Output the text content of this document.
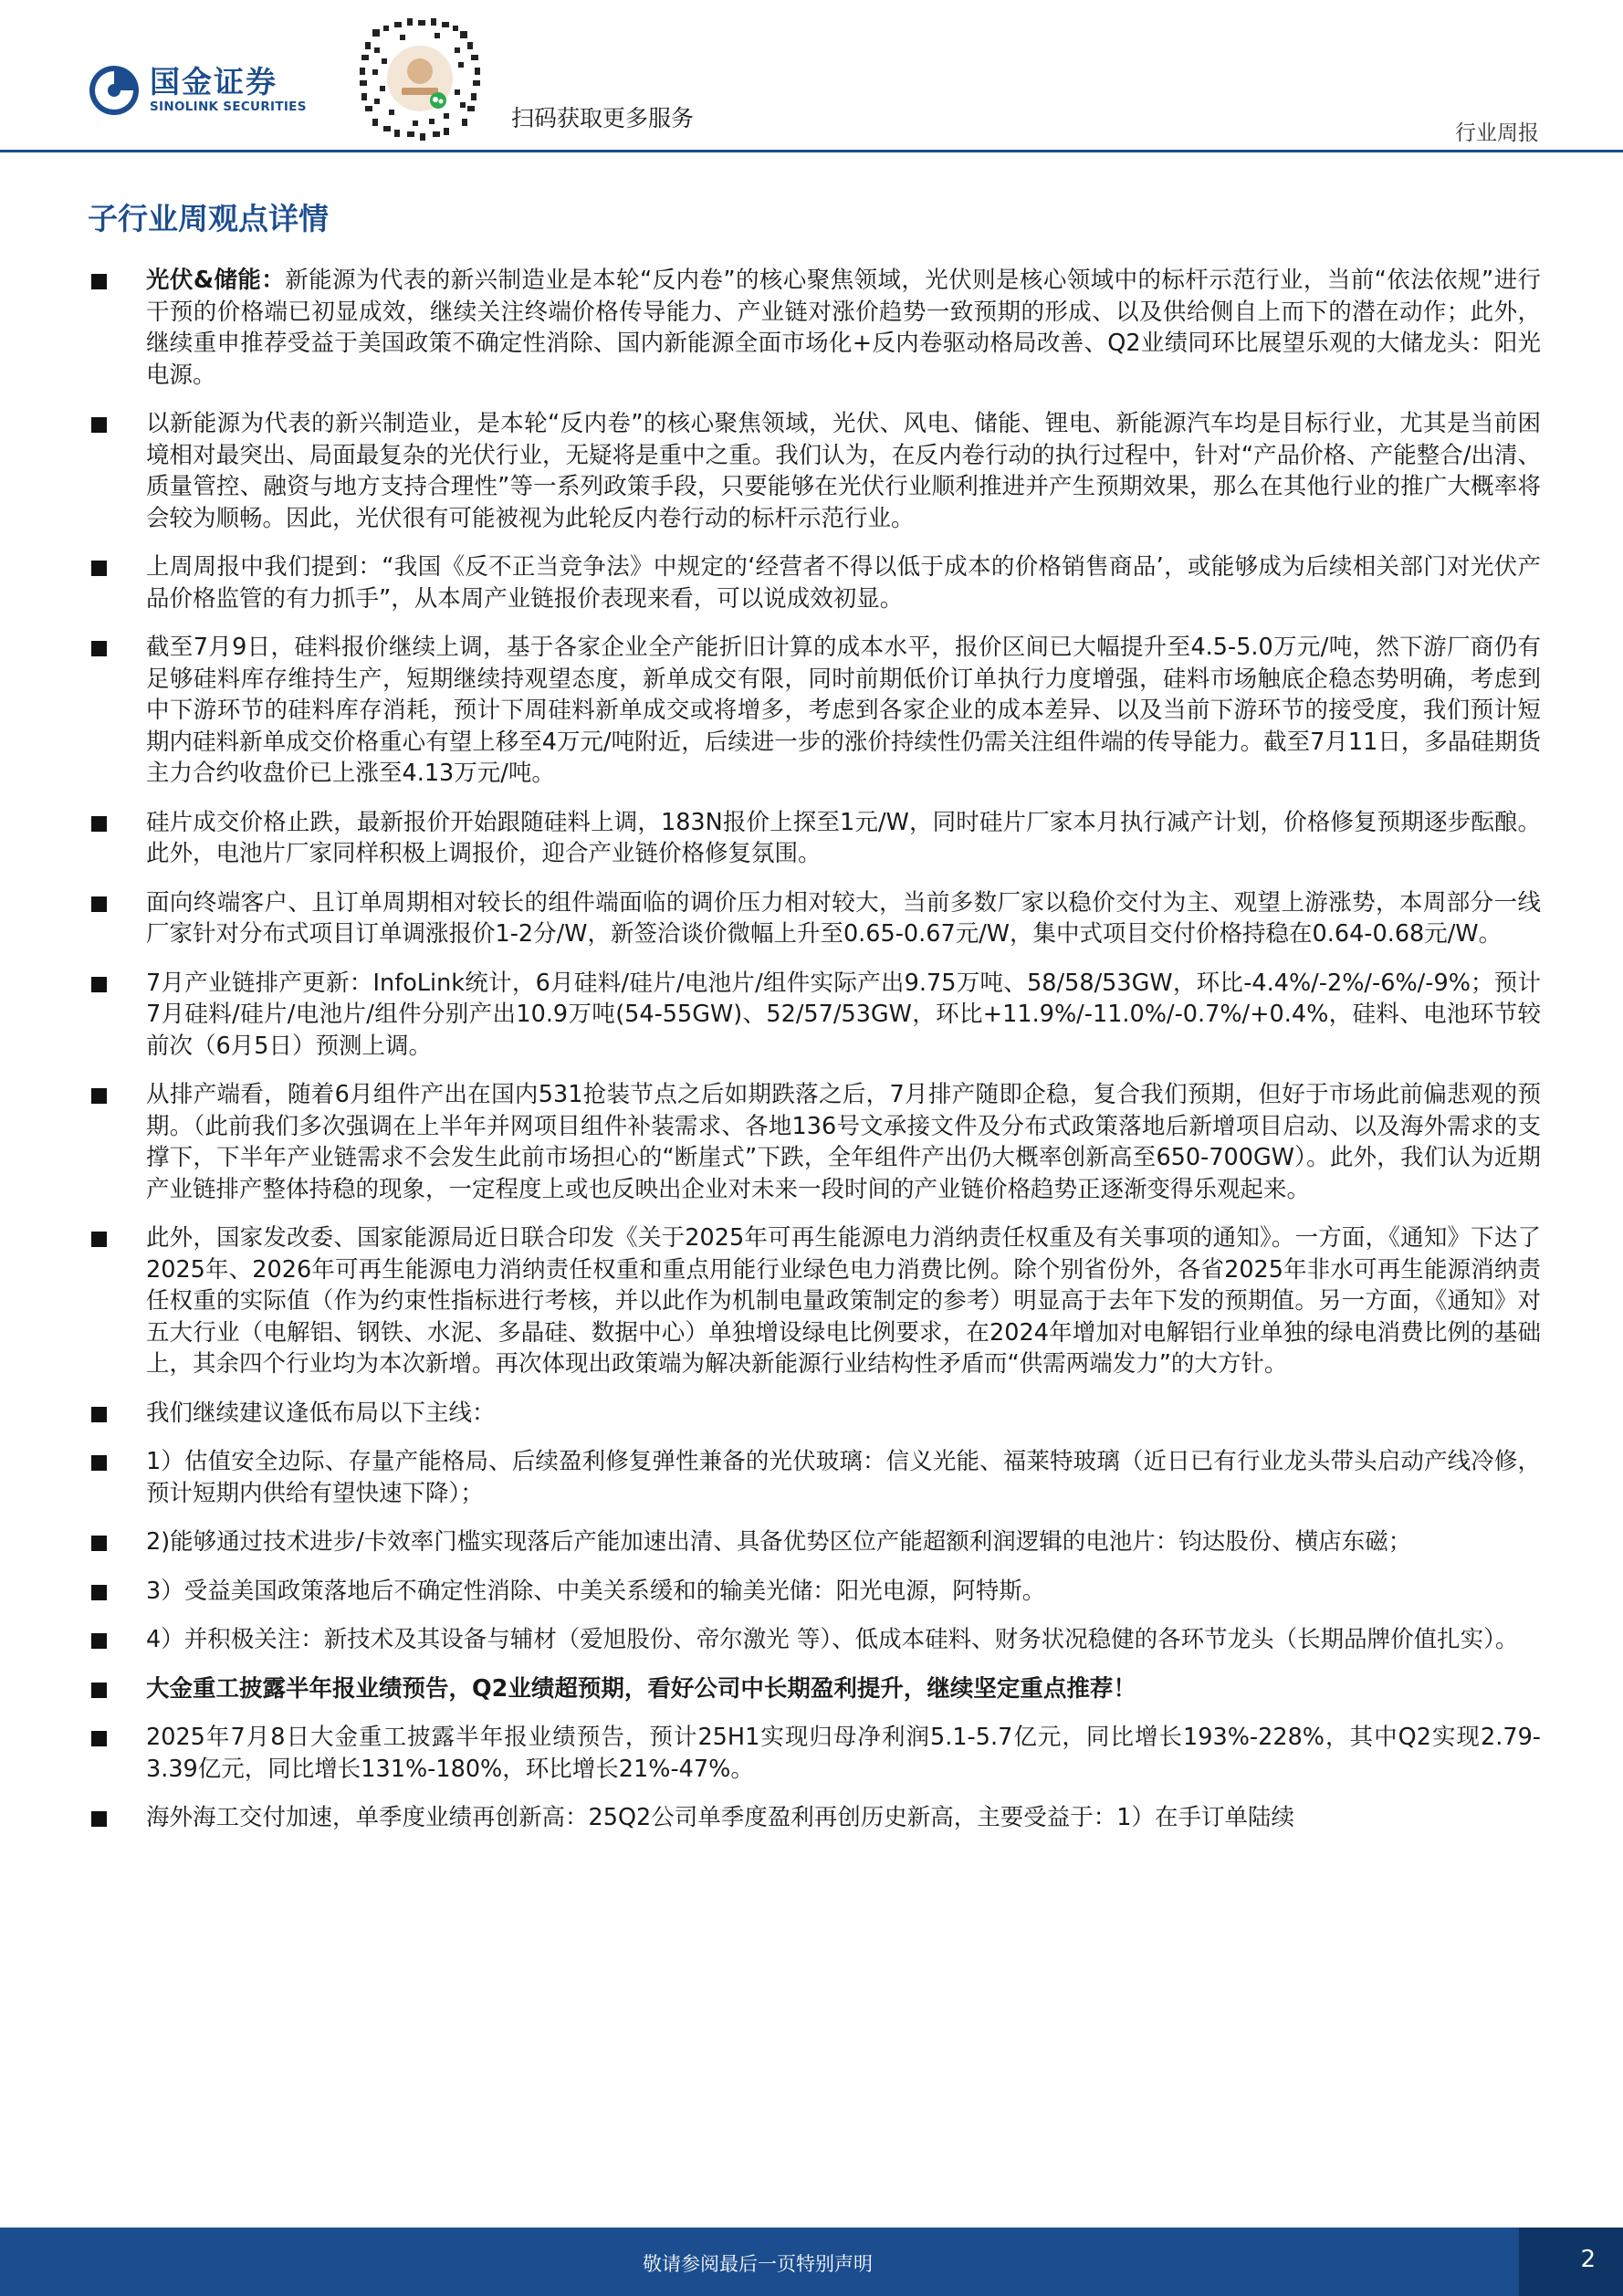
国金证券
SINOLINK SECURITIES	扫码获取更多服务
行业周报
子行业周观点详情
光伏&储能：新能源为代表的新兴制造业是本轮“反内卷”的核心聚焦领域，光伏则是核心领域中的标杆示范行业，当前“依法依规”进行干预的价格端已初显成效，继续关注终端价格传导能力、产业链对涨价趋势一致预期的形成、以及供给侧自上而下的潜在动作；此外，继续重申推荐受益于美国政策不确定性消除、国内新能源全面市场化+反内卷驱动格局改善、Q2业绩同环比展望乐观的大储龙头：阳光电源。
以新能源为代表的新兴制造业，是本轮“反内卷”的核心聚焦领域，光伏、风电、储能、锂电、新能源汽车均是目标行业，尤其是当前困境相对最突出、局面最复杂的光伏行业，无疑将是重中之重。我们认为，在反内卷行动的执行过程中，针对“产品价格、产能整合/出清、质量管控、融资与地方支持合理性”等一系列政策手段，只要能够在光伏行业顺利推进并产生预期效果，那么在其他行业的推广大概率将会较为顺畅。因此，光伏很有可能被视为此轮反内卷行动的标杆示范行业。
上周周报中我们提到：“我国《反不正当竞争法》中规定的‘经营者不得以低于成本的价格销售商品’，或能够成为后续相关部门对光伏产品价格监管的有力抓手”，从本周产业链报价表现来看，可以说成效初显。
截至7月9日，硅料报价继续上调，基于各家企业全产能折旧计算的成本水平，报价区间已大幅提升至4.5-5.0万元/吨，然下游厂商仍有足够硅料库存维持生产，短期继续持观望态度，新单成交有限，同时前期低价订单执行力度增强，硅料市场触底企稳态势明确，考虑到中下游环节的硅料库存消耗，预计下周硅料新单成交或将增多，考虑到各家企业的成本差异、以及当前下游环节的接受度，我们预计短期内硅料新单成交价格重心有望上移至4万元/吨附近，后续进一步的涨价持续性仍需关注组件端的传导能力。截至7月11日，多晶硅期货主力合约收盘价已上涨至4.13万元/吨。
硅片成交价格止跌，最新报价开始跟随硅料上调，183N报价上探至1元/W，同时硅片厂家本月执行减产计划，价格修复预期逐步酝酿。此外，电池片厂家同样积极上调报价，迎合产业链价格修复氛围。
面向终端客户、且订单周期相对较长的组件端面临的调价压力相对较大，当前多数厂家以稳价交付为主、观望上游涨势，本周部分一线厂家针对分布式项目订单调涨报价1-2分/W，新签洽谈价微幅上升至0.65-0.67元/W，集中式项目交付价格持稳在0.64-0.68元/W。
7月产业链排产更新：InfoLink统计，6月硅料/硅片/电池片/组件实际产出9.75万吨、58/58/53GW，环比-4.4%/-2%/-6%/-9%；预计7月硅料/硅片/电池片/组件分别产出10.9万吨(54-55GW)、52/57/53GW，环比+11.9%/-11.0%/-0.7%/+0.4%，硅料、电池环节较前次（6月5日）预测上调。
从排产端看，随着6月组件产出在国内531抢装节点之后如期跌落之后，7月排产随即企稳，复合我们预期，但好于市场此前偏悲观的预期。（此前我们多次强调在上半年并网项目组件补装需求、各地136号文承接文件及分布式政策落地后新增项目启动、以及海外需求的支撑下，下半年产业链需求不会发生此前市场担心的“断崖式”下跌，全年组件产出仍大概率创新高至650-700GW）。此外，我们认为近期产业链排产整体持稳的现象，一定程度上或也反映出企业对未来一段时间的产业链价格趋势正逐渐变得乐观起来。
此外，国家发改委、国家能源局近日联合印发《关于2025年可再生能源电力消纳责任权重及有关事项的通知》。一方面，《通知》下达了2025年、2026年可再生能源电力消纳责任权重和重点用能行业绿色电力消费比例。除个别省份外，各省2025年非水可再生能源消纳责任权重的实际值（作为约束性指标进行考核，并以此作为机制电量政策制定的参考）明显高于去年下发的预期值。另一方面，《通知》对五大行业（电解铝、钢铁、水泥、多晶硅、数据中心）单独增设绿电比例要求，在2024年增加对电解铝行业单独的绿电消费比例的基础上，其余四个行业均为本次新增。再次体现出政策端为解决新能源行业结构性矛盾而“供需两端发力”的大方针。
我们继续建议逢低布局以下主线：
1）估值安全边际、存量产能格局、后续盈利修复弹性兼备的光伏玻璃：信义光能、福莱特玻璃（近日已有行业龙头带头启动产线冷修，预计短期内供给有望快速下降）；
2)能够通过技术进步/卡效率门槛实现落后产能加速出清、具备优势区位产能超额利润逻辑的电池片：钧达股份、横店东磁；
3）受益美国政策落地后不确定性消除、中美关系缓和的输美光储：阳光电源，阿特斯。
4）并积极关注：新技术及其设备与辅材（爱旭股份、帝尔激光 等）、低成本硅料、财务状况稳健的各环节龙头（长期品牌价值扎实）。
大金重工披露半年报业绩预告，Q2业绩超预期，看好公司中长期盈利提升，继续坚定重点推荐！
2025年7月8日大金重工披露半年报业绩预告，预计25H1实现归母净利润5.1-5.7亿元，同比增长193%-228%，其中Q2实现2.79-3.39亿元，同比增长131%-180%，环比增长21%-47%。
海外海工交付加速，单季度业绩再创新高：25Q2公司单季度盈利再创历史新高，主要受益于：1）在手订单陆续
敬请参阅最后一页特别声明	2
